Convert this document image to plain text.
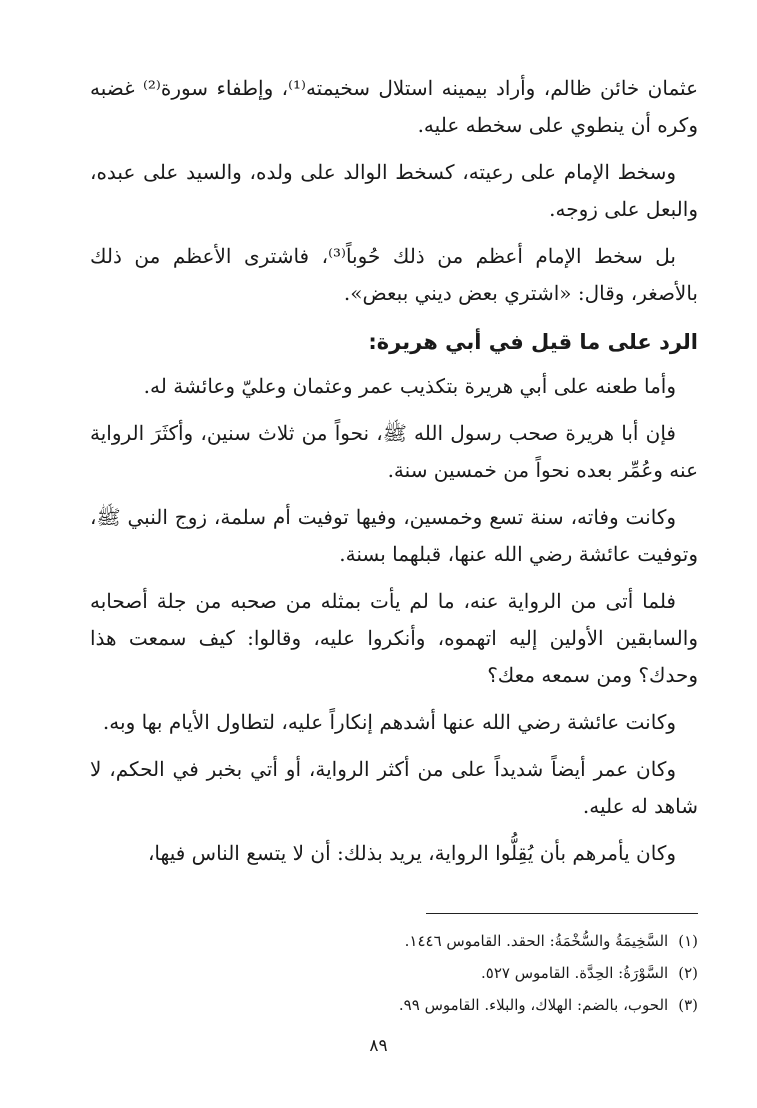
عثمان خائن ظالم، وأراد بيمينه استلال سخيمته⁽¹⁾، وإطفاء سورة⁽²⁾ غضبه وكره أن ينطوي على سخطه عليه.

وسخط الإمام على رعيته، كسخط الوالد على ولده، والسيد على عبده، والبعل على زوجه.

بل سخط الإمام أعظم من ذلك حُوباً⁽³⁾، فاشترى الأعظم من ذلك بالأصغر، وقال: «اشتري بعض ديني ببعض».

الرد على ما قيل في أبي هريرة:

وأما طعنه على أبي هريرة بتكذيب عمر وعثمان وعليّ وعائشة له.

فإن أبا هريرة صحب رسول الله ﷺ، نحواً من ثلاث سنين، وأكثَرَ الرواية عنه وعُمِّر بعده نحواً من خمسين سنة.

وكانت وفاته، سنة تسع وخمسين، وفيها توفيت أم سلمة، زوج النبي ﷺ، وتوفيت عائشة رضي الله عنها، قبلهما بسنة.

فلما أتى من الرواية عنه، ما لم يأت بمثله من صحبه من جلة أصحابه والسابقين الأولين إليه اتهموه، وأنكروا عليه، وقالوا: كيف سمعت هذا وحدك؟ ومن سمعه معك؟

وكانت عائشة رضي الله عنها أشدهم إنكاراً عليه، لتطاول الأيام بها وبه.

وكان عمر أيضاً شديداً على من أكثر الرواية، أو أتي بخبر في الحكم، لا شاهد له عليه.

وكان يأمرهم بأن يُقِلُّوا الرواية، يريد بذلك: أن لا يتسع الناس فيها،

(١)السَّخِيمَةُ والسُّخْمَةُ: الحقد. القاموس ١٤٤٦.
(٢)السَّوْرَةُ: الحِدَّة. القاموس ٥٢٧.
(٣)الحوب، بالضم: الهلاك، والبلاء. القاموس ٩٩.
٨٩
